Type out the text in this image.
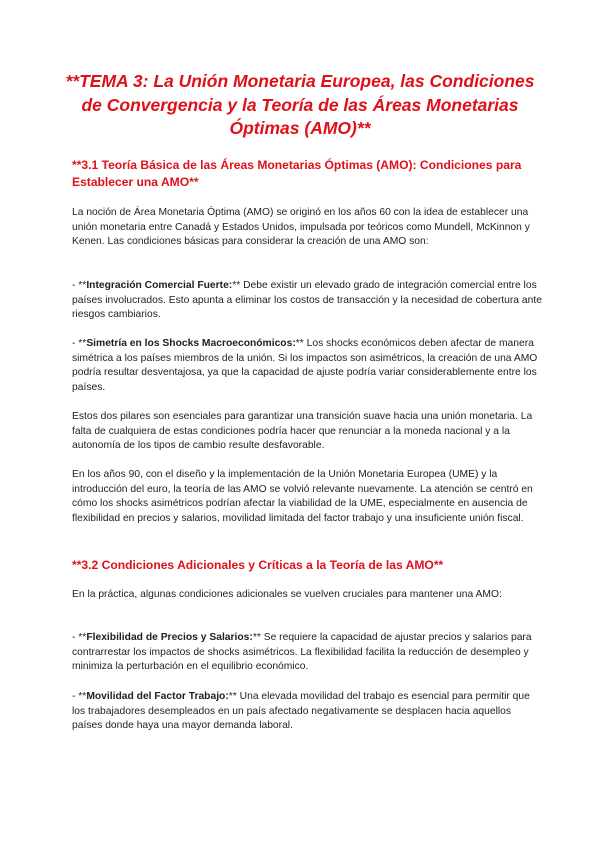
**TEMA 3: La Unión Monetaria Europea, las Condiciones de Convergencia y la Teoría de las Áreas Monetarias Óptimas (AMO)**
**3.1 Teoría Básica de las Áreas Monetarias Óptimas (AMO): Condiciones para Establecer una AMO**

La noción de Área Monetaria Óptima (AMO) se originó en los años 60 con la idea de establecer una unión monetaria entre Canadá y Estados Unidos, impulsada por teóricos como Mundell, McKinnon y Kenen. Las condiciones básicas para considerar la creación de una AMO son:

- **Integración Comercial Fuerte:** Debe existir un elevado grado de integración comercial entre los países involucrados. Esto apunta a eliminar los costos de transacción y la necesidad de cobertura ante riesgos cambiarios.

- **Simetría en los Shocks Macroeconómicos:** Los shocks económicos deben afectar de manera simétrica a los países miembros de la unión. Si los impactos son asimétricos, la creación de una AMO podría resultar desventajosa, ya que la capacidad de ajuste podría variar considerablemente entre los países.

Estos dos pilares son esenciales para garantizar una transición suave hacia una unión monetaria. La falta de cualquiera de estas condiciones podría hacer que renunciar a la moneda nacional y a la autonomía de los tipos de cambio resulte desfavorable.

En los años 90, con el diseño y la implementación de la Unión Monetaria Europea (UME) y la introducción del euro, la teoría de las AMO se volvió relevante nuevamente. La atención se centró en cómo los shocks asimétricos podrían afectar la viabilidad de la UME, especialmente en ausencia de flexibilidad en precios y salarios, movilidad limitada del factor trabajo y una insuficiente unión fiscal.

**3.2 Condiciones Adicionales y Críticas a la Teoría de las AMO**

En la práctica, algunas condiciones adicionales se vuelven cruciales para mantener una AMO:

- **Flexibilidad de Precios y Salarios:** Se requiere la capacidad de ajustar precios y salarios para contrarrestar los impactos de shocks asimétricos. La flexibilidad facilita la reducción de desempleo y minimiza la perturbación en el equilibrio económico.

- **Movilidad del Factor Trabajo:** Una elevada movilidad del trabajo es esencial para permitir que los trabajadores desempleados en un país afectado negativamente se desplacen hacia aquellos países donde haya una mayor demanda laboral.
